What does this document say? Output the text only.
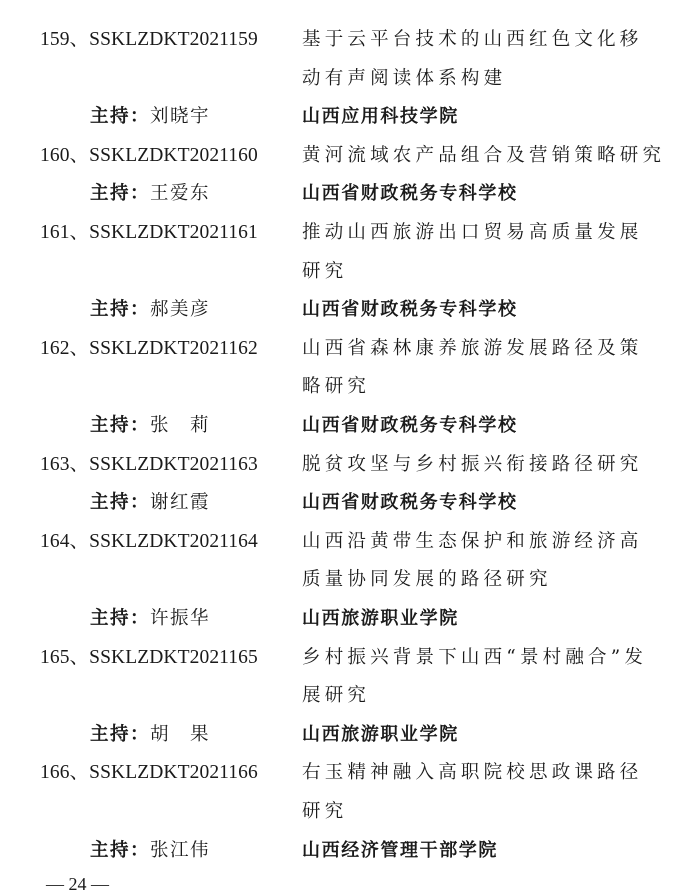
159、SSKLZDKT2021159 基于云平台技术的山西红色文化移
动有声阅读体系构建
主持：刘晓宇	山西应用科技学院
160、SSKLZDKT2021160 黄河流域农产品组合及营销策略研究
主持：王爱东	山西省财政税务专科学校
161、SSKLZDKT2021161 推动山西旅游出口贸易高质量发展
研究
主持：郝美彦	山西省财政税务专科学校
162、SSKLZDKT2021162 山西省森林康养旅游发展路径及策
略研究
主持：张　莉	山西省财政税务专科学校
163、SSKLZDKT2021163 脱贫攻坚与乡村振兴衔接路径研究
主持：谢红霞	山西省财政税务专科学校
164、SSKLZDKT2021164 山西沿黄带生态保护和旅游经济高
质量协同发展的路径研究
主持：许振华	山西旅游职业学院
165、SSKLZDKT2021165 乡村振兴背景下山西“景村融合”发
展研究
主持：胡　果	山西旅游职业学院
166、SSKLZDKT2021166 右玉精神融入高职院校思政课路径
研究
主持：张江伟	山西经济管理干部学院
— 24 —
